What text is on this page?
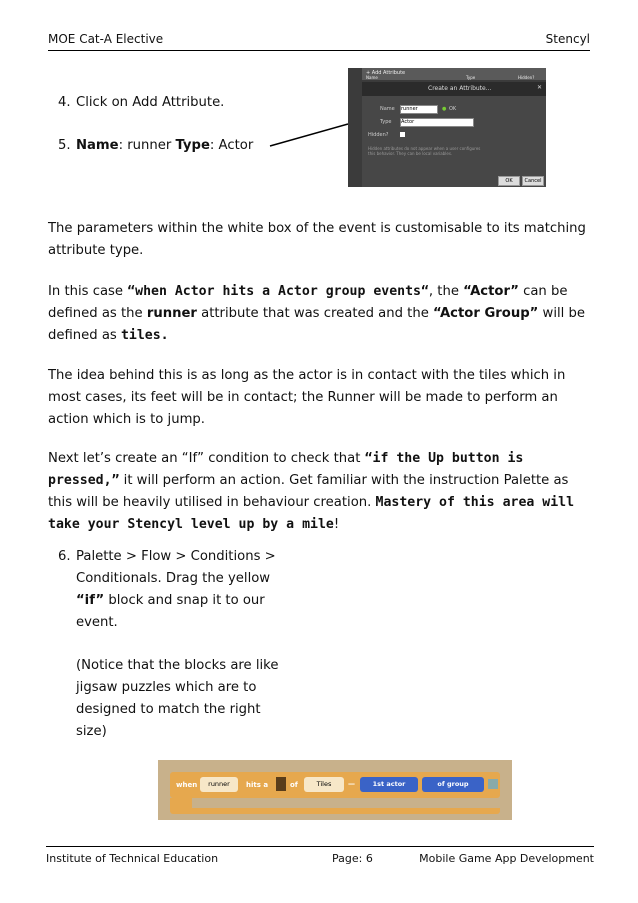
MOE Cat-A Elective	Stencyl
4. Click on Add Attribute.
5. Name: runner Type: Actor

+ Add Attribute
Name	Type	Hidden?
Create an Attribute...	✕
Name runner	● OK
Type Actor
Hidden?
Hidden attributes do not appear when a user configures this behavior. They can be local variables.
OK	Cancel

The parameters within the white box of the event is customisable to its matching attribute type.

In this case “when Actor hits a Actor group events“, the “Actor” can be defined as the runner attribute that was created and the “Actor Group” will be defined as tiles.

The idea behind this is as long as the actor is in contact with the tiles which in most cases, its feet will be in contact; the Runner will be made to perform an action which is to jump.

Next let’s create an “If” condition to check that “if the Up button is pressed,” it will perform an action. Get familiar with the instruction Palette as this will be heavily utilised in behaviour creation. Mastery of this area will take your Stencyl level up by a mile!

6. Palette > Flow > Conditions > Conditionals. Drag the yellow “if” block and snap it to our event.

(Notice that the blocks are like jigsaw puzzles which are to designed to match the right size)

when	runner	hits a	of	Tiles	—	1st actor	of group
Institute of Technical Education	Page: 6	Mobile Game App Development
